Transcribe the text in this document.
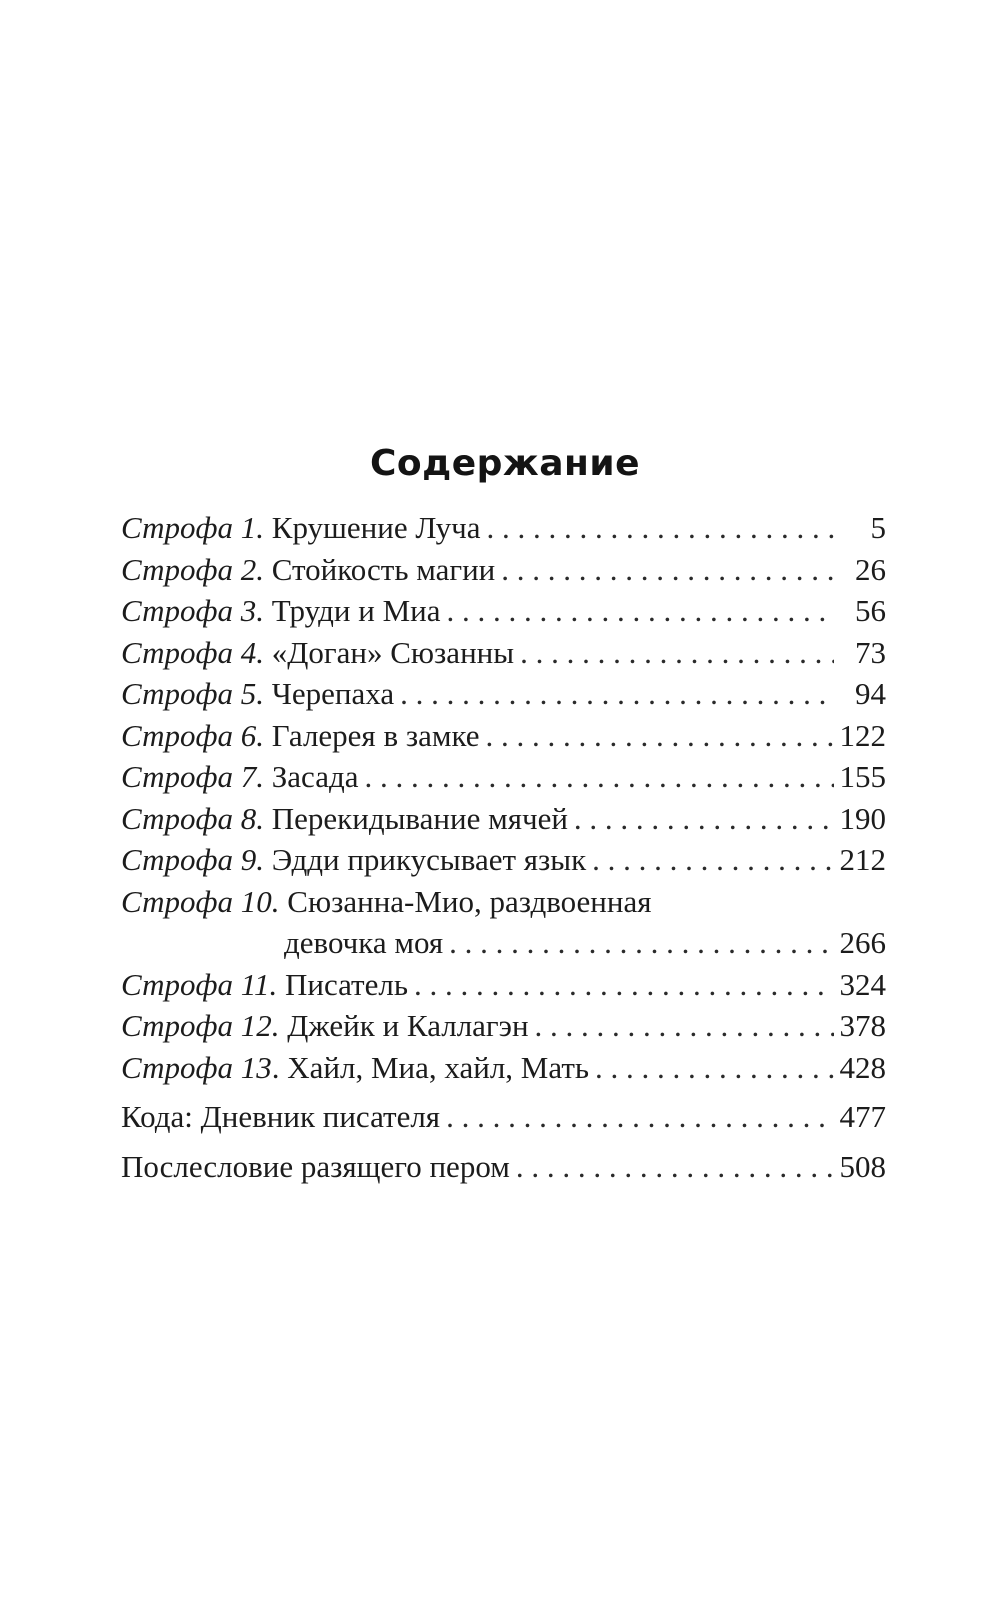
Содержание
Строфа 1. Крушение Луча . . .	5
Строфа 2. Стойкость магии . . .	26
Строфа 3. Труди и Миа . . .	56
Строфа 4. «Доган» Сюзанны . . .	73
Строфа 5. Черепаха . . .	94
Строфа 6. Галерея в замке . . .	122
Строфа 7. Засада . . .	155
Строфа 8. Перекидывание мячей . . .	190
Строфа 9. Эдди прикусывает язык . . .	212
Строфа 10. Сюзанна-Мио, раздвоенная
девочка моя . . .	266
Строфа 11. Писатель . . .	324
Строфа 12. Джейк и Каллагэн . . .	378
Строфа 13. Хайл, Миа, хайл, Мать . . .	428
Кода: Дневник писателя . . .	477
Послесловие разящего пером . . .	508
